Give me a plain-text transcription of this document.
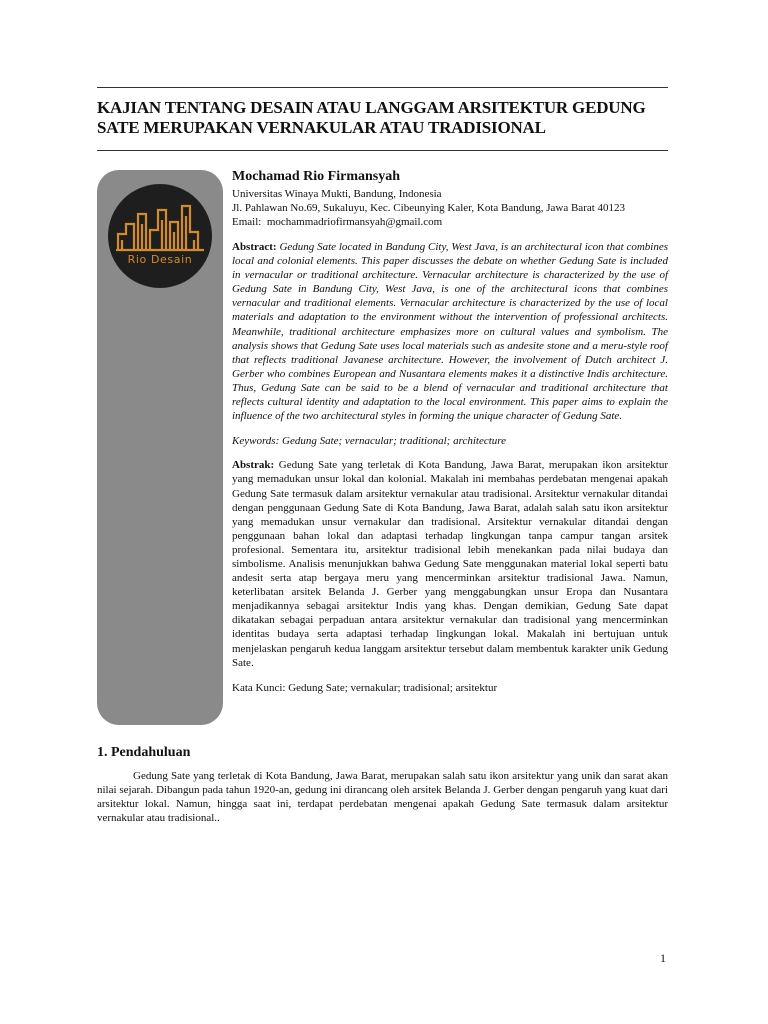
KAJIAN TENTANG DESAIN ATAU LANGGAM ARSITEKTUR GEDUNG SATE MERUPAKAN VERNAKULAR ATAU TRADISIONAL
Rio Desain

Mochamad Rio Firmansyah

Universitas Winaya Mukti, Bandung, Indonesia

Jl. Pahlawan No.69, Sukaluyu, Kec. Cibeunying Kaler, Kota Bandung, Jawa Barat 40123

Email: mochammadriofirmansyah@gmail.com

Abstract: Gedung Sate located in Bandung City, West Java, is an architectural icon that combines local and colonial elements. This paper discusses the debate on whether Gedung Sate is included in vernacular or traditional architecture. Vernacular architecture is characterized by the use of Gedung Sate in Bandung City, West Java, is one of the architectural icons that combines vernacular and traditional elements. Vernacular architecture is characterized by the use of local materials and adaptation to the environment without the intervention of professional architects. Meanwhile, traditional architecture emphasizes more on cultural values and symbolism. The analysis shows that Gedung Sate uses local materials such as andesite stone and a meru-style roof that reflects traditional Javanese architecture. However, the involvement of Dutch architect J. Gerber who combines European and Nusantara elements makes it a distinctive Indis architecture. Thus, Gedung Sate can be said to be a blend of vernacular and traditional architecture that reflects cultural identity and adaptation to the local environment. This paper aims to explain the influence of the two architectural styles in forming the unique character of Gedung Sate.

Keywords: Gedung Sate; vernacular; traditional; architecture

Abstrak: Gedung Sate yang terletak di Kota Bandung, Jawa Barat, merupakan ikon arsitektur yang memadukan unsur lokal dan kolonial. Makalah ini membahas perdebatan mengenai apakah Gedung Sate termasuk dalam arsitektur vernakular atau tradisional. Arsitektur vernakular ditandai dengan penggunaan Gedung Sate di Kota Bandung, Jawa Barat, adalah salah satu ikon arsitektur yang memadukan unsur vernakular dan tradisional. Arsitektur vernakular ditandai dengan penggunaan bahan lokal dan adaptasi terhadap lingkungan tanpa campur tangan arsitek profesional. Sementara itu, arsitektur tradisional lebih menekankan pada nilai budaya dan simbolisme. Analisis menunjukkan bahwa Gedung Sate menggunakan material lokal seperti batu andesit serta atap bergaya meru yang mencerminkan arsitektur tradisional Jawa. Namun, keterlibatan arsitek Belanda J. Gerber yang menggabungkan unsur Eropa dan Nusantara menjadikannya sebagai arsitektur Indis yang khas. Dengan demikian, Gedung Sate dapat dikatakan sebagai perpaduan antara arsitektur vernakular dan tradisional yang mencerminkan identitas budaya serta adaptasi terhadap lingkungan lokal. Makalah ini bertujuan untuk menjelaskan pengaruh kedua langgam arsitektur tersebut dalam membentuk karakter unik Gedung Sate.

Kata Kunci: Gedung Sate; vernakular; tradisional; arsitektur

1. Pendahuluan

Gedung Sate yang terletak di Kota Bandung, Jawa Barat, merupakan salah satu ikon arsitektur yang unik dan sarat akan nilai sejarah. Dibangun pada tahun 1920-an, gedung ini dirancang oleh arsitek Belanda J. Gerber dengan pengaruh yang kuat dari arsitektur lokal. Namun, hingga saat ini, terdapat perdebatan mengenai apakah Gedung Sate termasuk dalam arsitektur vernakular atau tradisional..

1
